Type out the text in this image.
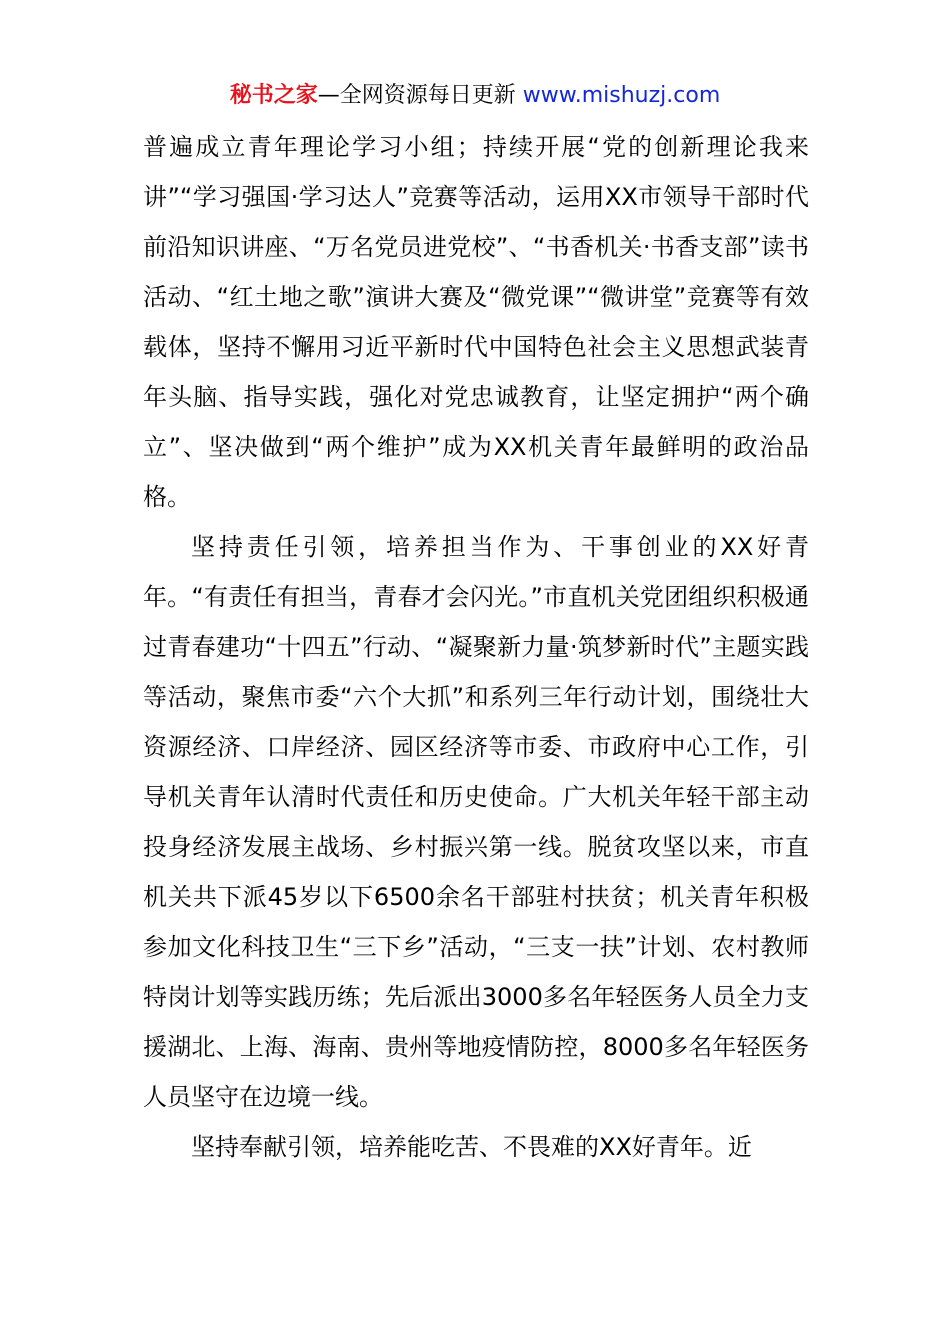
秘书之家—全网资源每日更新 www.mishuzj.com

普遍成立青年理论学习小组；持续开展“党的创新理论我来讲”“学习强国·学习达人”竞赛等活动，运用XX市领导干部时代前沿知识讲座、“万名党员进党校”、“书香机关·书香支部”读书活动、“红土地之歌”演讲大赛及“微党课”“微讲堂”竞赛等有效载体，坚持不懈用习近平新时代中国特色社会主义思想武装青年头脑、指导实践，强化对党忠诚教育，让坚定拥护“两个确立”、坚决做到“两个维护”成为XX机关青年最鲜明的政治品格。

坚持责任引领，培养担当作为、干事创业的XX好青年。“有责任有担当，青春才会闪光。”市直机关党团组织积极通过青春建功“十四五”行动、“凝聚新力量·筑梦新时代”主题实践等活动，聚焦市委“六个大抓”和系列三年行动计划，围绕壮大资源经济、口岸经济、园区经济等市委、市政府中心工作，引导机关青年认清时代责任和历史使命。广大机关年轻干部主动投身经济发展主战场、乡村振兴第一线。脱贫攻坚以来，市直机关共下派45岁以下6500余名干部驻村扶贫；机关青年积极参加文化科技卫生“三下乡”活动，“三支一扶”计划、农村教师特岗计划等实践历练；先后派出3000多名年轻医务人员全力支援湖北、上海、海南、贵州等地疫情防控，8000多名年轻医务人员坚守在边境一线。

坚持奉献引领，培养能吃苦、不畏难的XX好青年。近
